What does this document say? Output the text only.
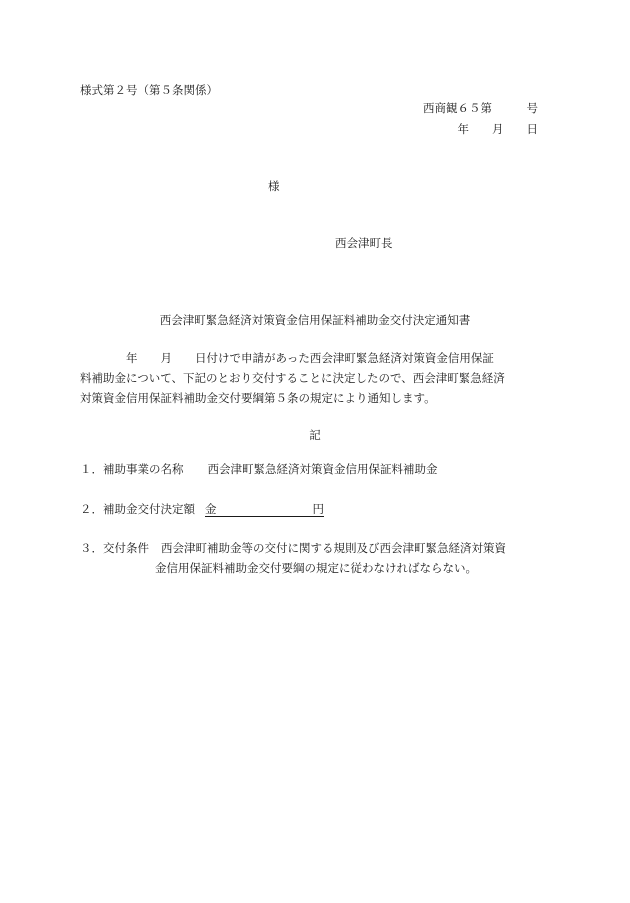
様式第２号（第５条関係）
西商観６５第　　　号
年　　月　　日
様
西会津町長
西会津町緊急経済対策資金信用保証料補助金交付決定通知書
　　　　年　　月　　日付けで申請があった西会津町緊急経済対策資金信用保証
料補助金について、下記のとおり交付することに決定したので、西会津町緊急経済
対策資金信用保証料補助金交付要綱第５条の規定により通知します。
記
１．補助事業の名称 西会津町緊急経済対策資金信用保証料補助金
２．補助金交付決定額 金	円
３．交付条件 西会津町補助金等の交付に関する規則及び西会津町緊急経済対策資
金信用保証料補助金交付要綱の規定に従わなければならない。
